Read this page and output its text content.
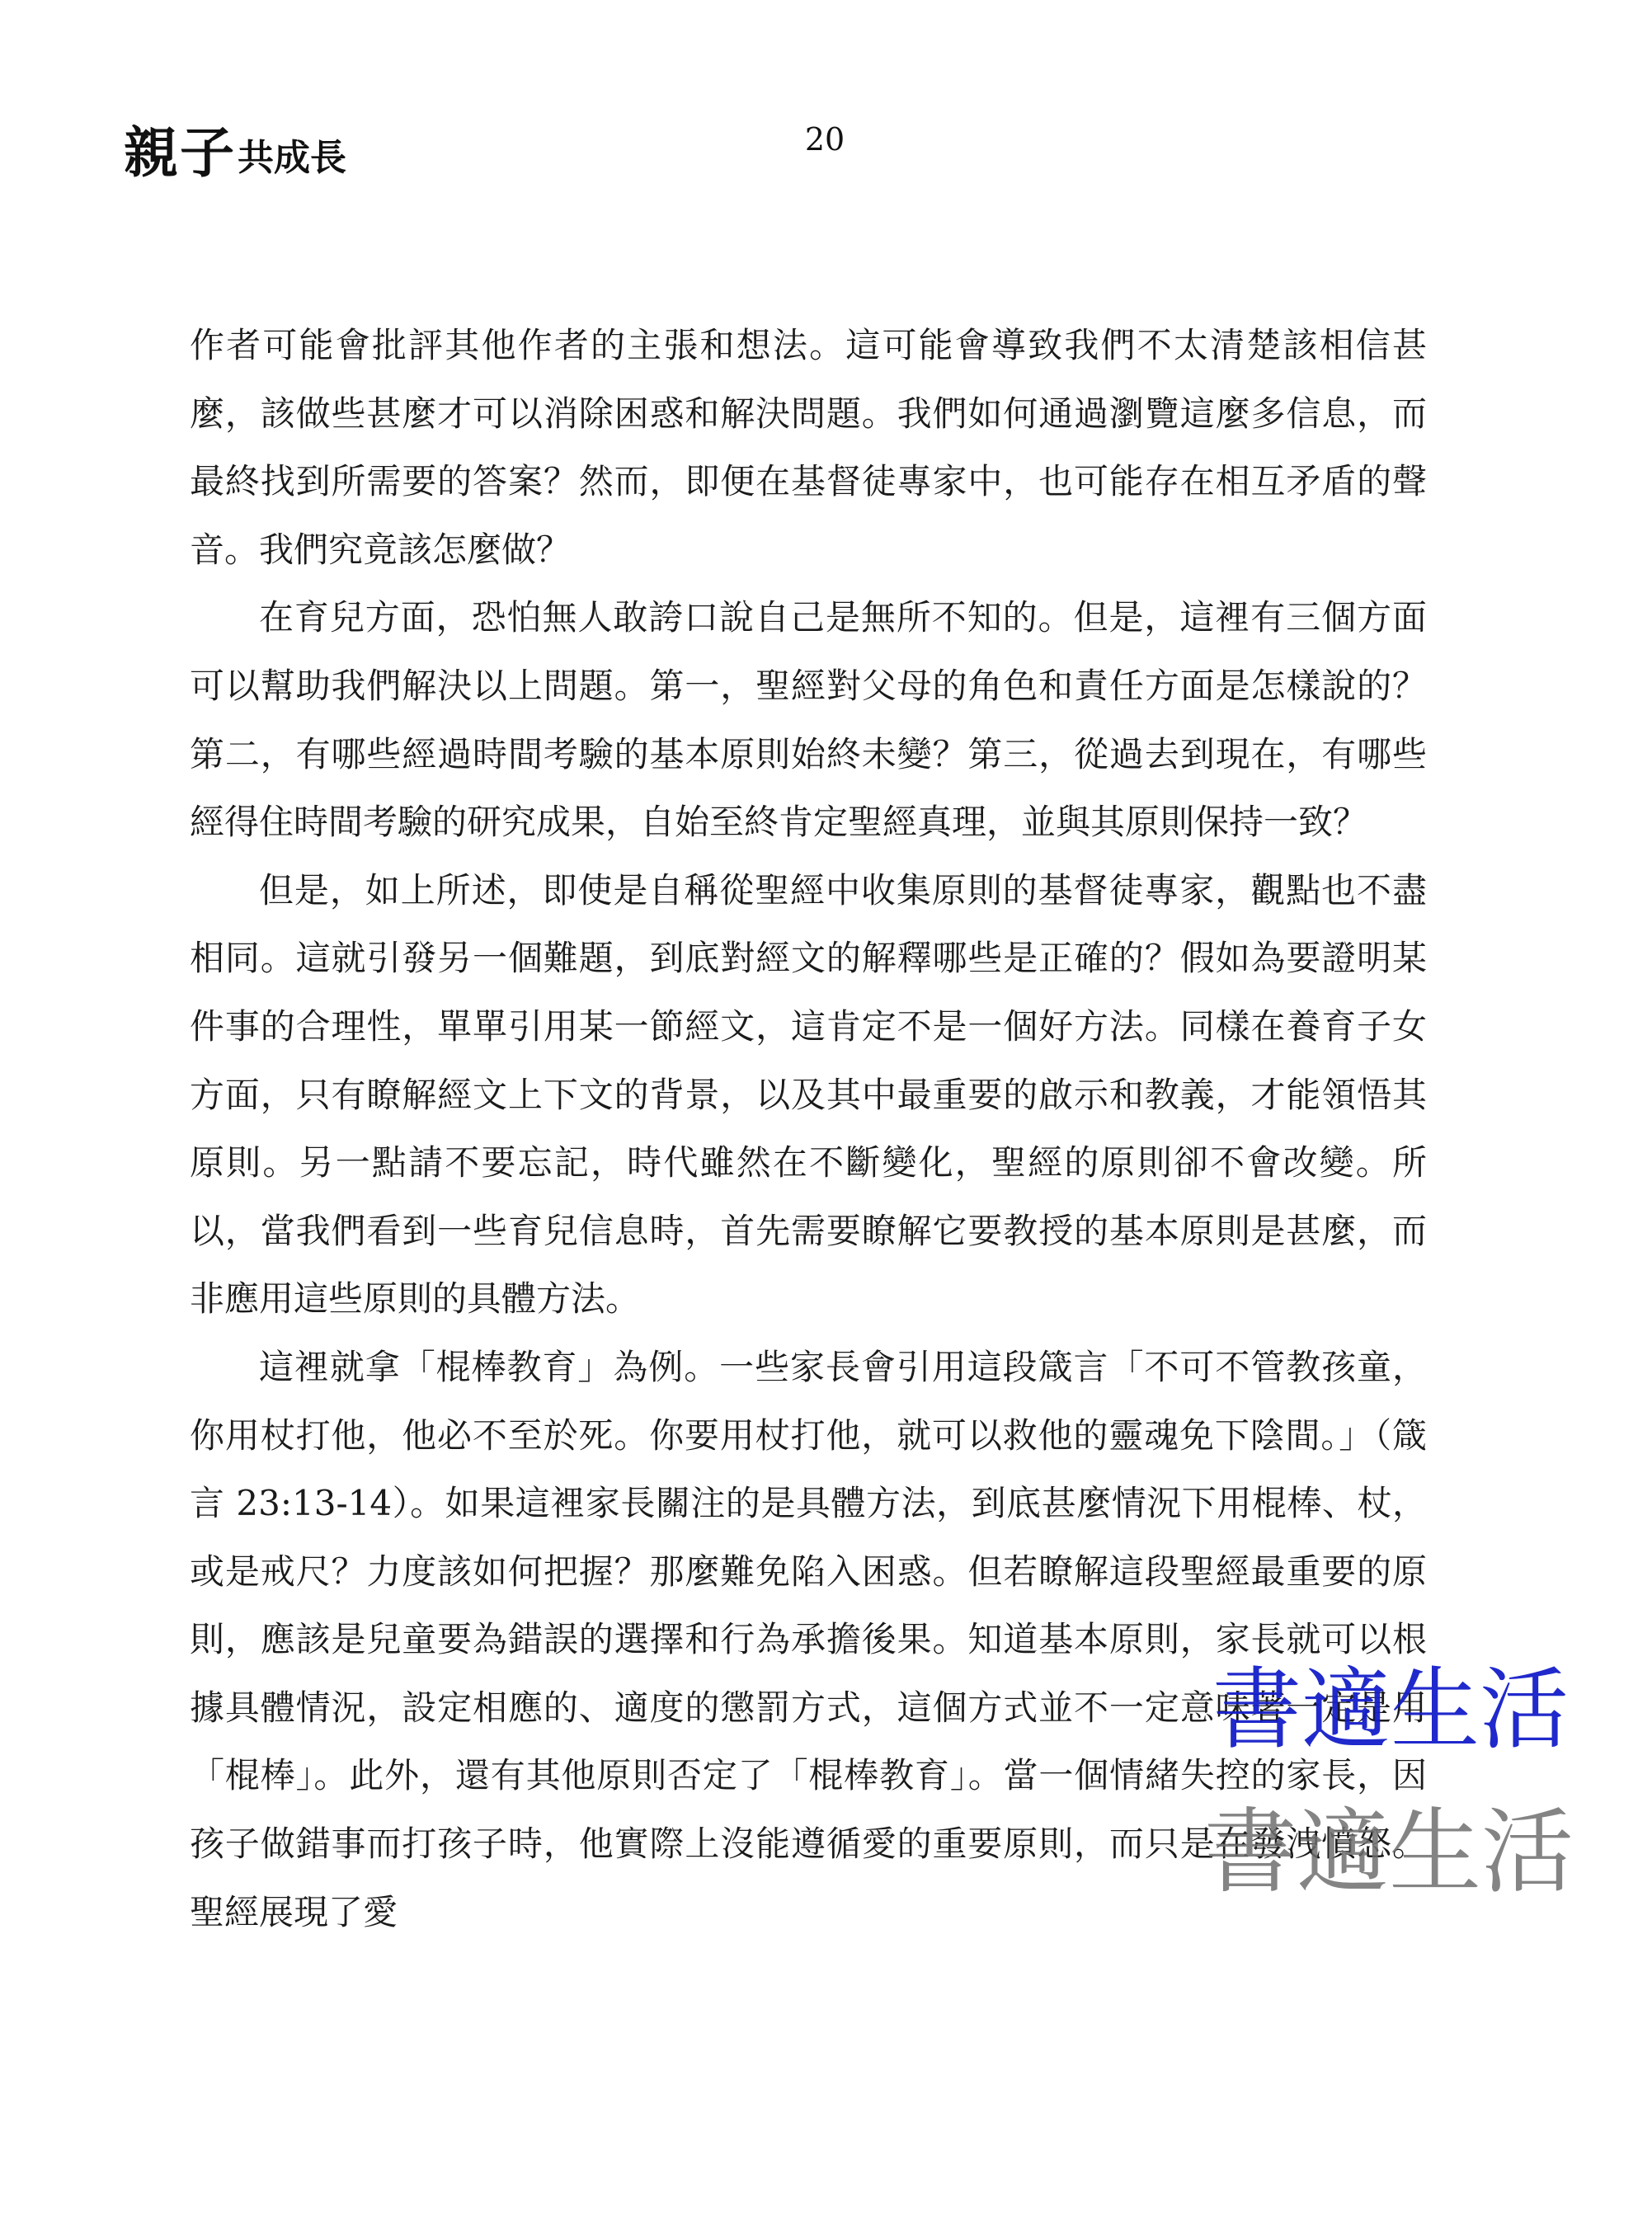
親子 共成長	20

作者可能會批評其他作者的主張和想法。這可能會導致我們不太清楚該相信甚麼，該做些甚麼才可以消除困惑和解決問題。我們如何通過瀏覽這麼多信息，而最終找到所需要的答案？然而，即便在基督徒專家中，也可能存在相互矛盾的聲音。我們究竟該怎麼做？

在育兒方面，恐怕無人敢誇口說自己是無所不知的。但是，這裡有三個方面可以幫助我們解決以上問題。第一，聖經對父母的角色和責任方面是怎樣說的？第二，有哪些經過時間考驗的基本原則始終未變？第三，從過去到現在，有哪些經得住時間考驗的研究成果，自始至終肯定聖經真理，並與其原則保持一致？

但是，如上所述，即使是自稱從聖經中收集原則的基督徒專家，觀點也不盡相同。這就引發另一個難題，到底對經文的解釋哪些是正確的？假如為要證明某件事的合理性，單單引用某一節經文，這肯定不是一個好方法。同樣在養育子女方面，只有瞭解經文上下文的背景，以及其中最重要的啟示和教義，才能領悟其原則。另一點請不要忘記，時代雖然在不斷變化，聖經的原則卻不會改變。所以，當我們看到一些育兒信息時，首先需要瞭解它要教授的基本原則是甚麼，而非應用這些原則的具體方法。

這裡就拿「棍棒教育」為例。一些家長會引用這段箴言「不可不管教孩童，你用杖打他，他必不至於死。你要用杖打他，就可以救他的靈魂免下陰間。」（箴言 23:13-14）。如果這裡家長關注的是具體方法，到底甚麼情況下用棍棒、杖，或是戒尺？力度該如何把握？那麼難免陷入困惑。但若瞭解這段聖經最重要的原則，應該是兒童要為錯誤的選擇和行為承擔後果。知道基本原則，家長就可以根據具體情況，設定相應的、適度的懲罰方式，這個方式並不一定意味著一定是用「棍棒」。此外，還有其他原則否定了「棍棒教育」。當一個情緒失控的家長，因孩子做錯事而打孩子時，他實際上沒能遵循愛的重要原則，而只是在發洩憤怒。聖經展現了愛

書適生活
書適生活
